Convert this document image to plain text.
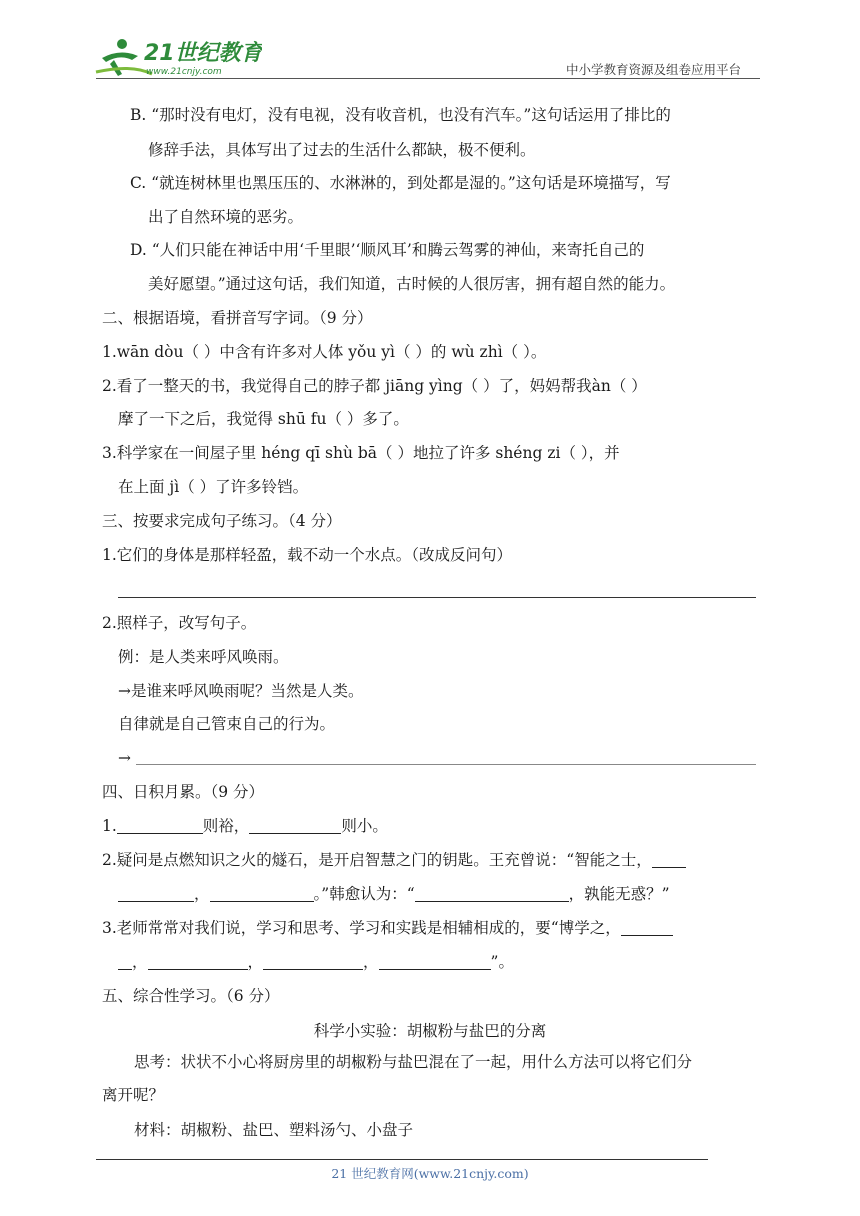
21世纪教育
www.21cnjy.com	中小学教育资源及组卷应用平台
B. “那时没有电灯，没有电视，没有收音机，也没有汽车。”这句话运用了排比的
修辞手法，具体写出了过去的生活什么都缺，极不便利。
C. “就连树林里也黑压压的、水淋淋的，到处都是湿的。”这句话是环境描写，写
出了自然环境的恶劣。
D. “人们只能在神话中用‘千里眼’‘顺风耳’和腾云驾雾的神仙，来寄托自己的
美好愿望。”通过这句话，我们知道，古时候的人很厉害，拥有超自然的能力。
二、根据语境，看拼音写字词。（9 分）
1.wān dòu（ ）中含有许多对人体 yǒu yì（ ）的 wù zhì（ ）。
2.看了一整天的书，我觉得自己的脖子都 jiāng yìng（ ）了，妈妈帮我àn（ ）
摩了一下之后，我觉得 shū fu（ ）多了。
3.科学家在一间屋子里 héng qī shù bā（ ）地拉了许多 shéng zi（ ），并
在上面 jì（ ）了许多铃铛。
三、按要求完成句子练习。（4 分）
1.它们的身体是那样轻盈，载不动一个水点。（改成反问句）
2.照样子，改写句子。
例：是人类来呼风唤雨。
→是谁来呼风唤雨呢？当然是人类。
自律就是自己管束自己的行为。
→
四、日积月累。（9 分）
1.	则裕，	则小。
2.疑问是点燃知识之火的燧石，是开启智慧之门的钥匙。王充曾说：“智能之士，
，	。”韩愈认为：“	，孰能无惑？”
3.老师常常对我们说，学习和思考、学习和实践是相辅相成的，要“博学之，
，	，	，	”。
五、综合性学习。（6 分）
科学小实验：胡椒粉与盐巴的分离
思考：状状不小心将厨房里的胡椒粉与盐巴混在了一起，用什么方法可以将它们分
离开呢？
材料：胡椒粉、盐巴、塑料汤勺、小盘子
21 世纪教育网(www.21cnjy.com)
